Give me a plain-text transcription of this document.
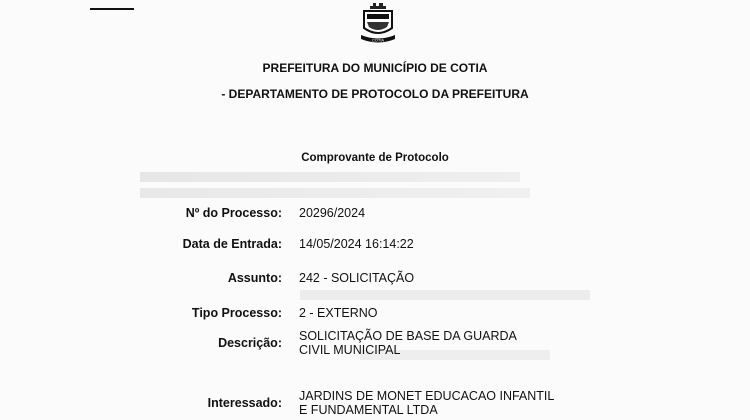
COTIA
PREFEITURA DO MUNICÍPIO DE COTIA
- DEPARTAMENTO DE PROTOCOLO DA PREFEITURA
Comprovante de Protocolo
Nº do Processo: 20296/2024
Data de Entrada: 14/05/2024 16:14:22
Assunto: 242 - SOLICITAÇÃO
Tipo Processo: 2 - EXTERNO
Descrição: SOLICITAÇÃO DE BASE DA GUARDA CIVIL MUNICIPAL
Interessado: JARDINS DE MONET EDUCACAO INFANTIL E FUNDAMENTAL LTDA
